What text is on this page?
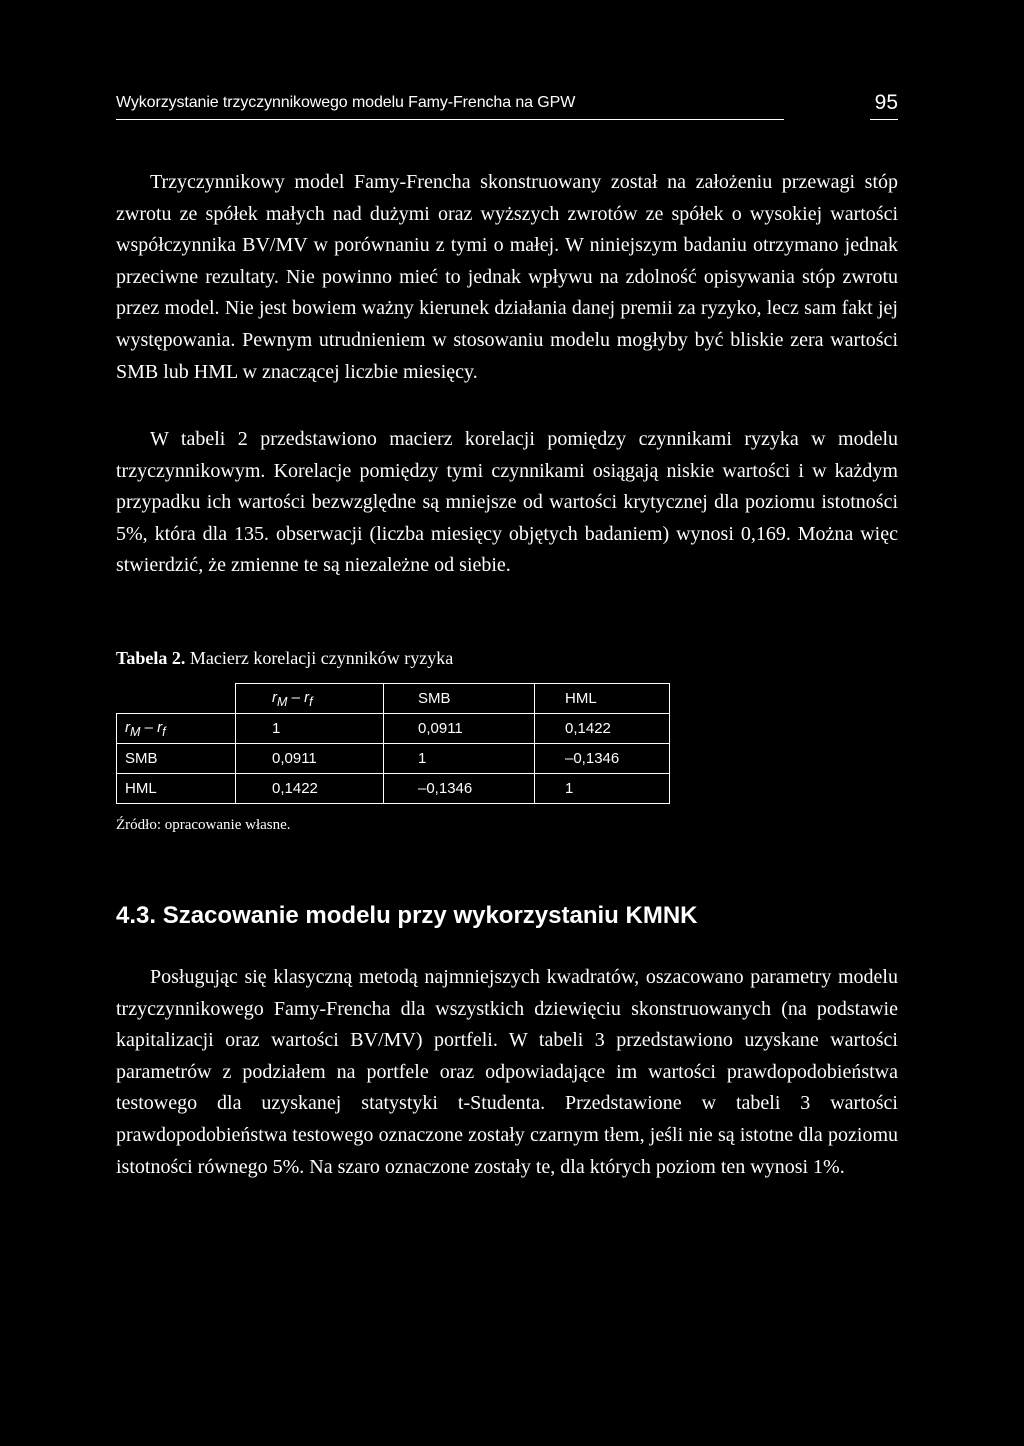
Wykorzystanie trzyczynnikowego modelu Famy-Frencha na GPW	95

Trzyczynnikowy model Famy-Frencha skonstruowany został na założeniu przewagi stóp zwrotu ze spółek małych nad dużymi oraz wyższych zwrotów ze spółek o wysokiej wartości współczynnika BV/MV w porównaniu z tymi o małej. W niniejszym badaniu otrzymano jednak przeciwne rezultaty. Nie powinno mieć to jednak wpływu na zdolność opisywania stóp zwrotu przez model. Nie jest bowiem ważny kierunek działania danej premii za ryzyko, lecz sam fakt jej występowania. Pewnym utrudnieniem w stosowaniu modelu mogłyby być bliskie zera wartości SMB lub HML w znaczącej liczbie miesięcy.

W tabeli 2 przedstawiono macierz korelacji pomiędzy czynnikami ryzyka w modelu trzyczynnikowym. Korelacje pomiędzy tymi czynnikami osiągają niskie wartości i w każdym przypadku ich wartości bezwzględne są mniejsze od wartości krytycznej dla poziomu istotności 5%, która dla 135. obserwacji (liczba miesięcy objętych badaniem) wynosi 0,169. Można więc stwierdzić, że zmienne te są niezależne od siebie.

Tabela 2. Macierz korelacji czynników ryzyka

	$r_M - r_f$	SMB	HML
$r_M - r_f$	1	0,0911	0,1422
SMB	0,0911	1	–0,1346
HML	0,1422	–0,1346	1

Źródło: opracowanie własne.

4.3. Szacowanie modelu przy wykorzystaniu KMNK

Posługując się klasyczną metodą najmniejszych kwadratów, oszacowano parametry modelu trzyczynnikowego Famy-Frencha dla wszystkich dziewięciu skonstruowanych (na podstawie kapitalizacji oraz wartości BV/MV) portfeli. W tabeli 3 przedstawiono uzyskane wartości parametrów z podziałem na portfele oraz odpowiadające im wartości prawdopodobieństwa testowego dla uzyskanej statystyki t-Studenta. Przedstawione w tabeli 3 wartości prawdopodobieństwa testowego oznaczone zostały czarnym tłem, jeśli nie są istotne dla poziomu istotności równego 5%. Na szaro oznaczone zostały te, dla których poziom ten wynosi 1%.
